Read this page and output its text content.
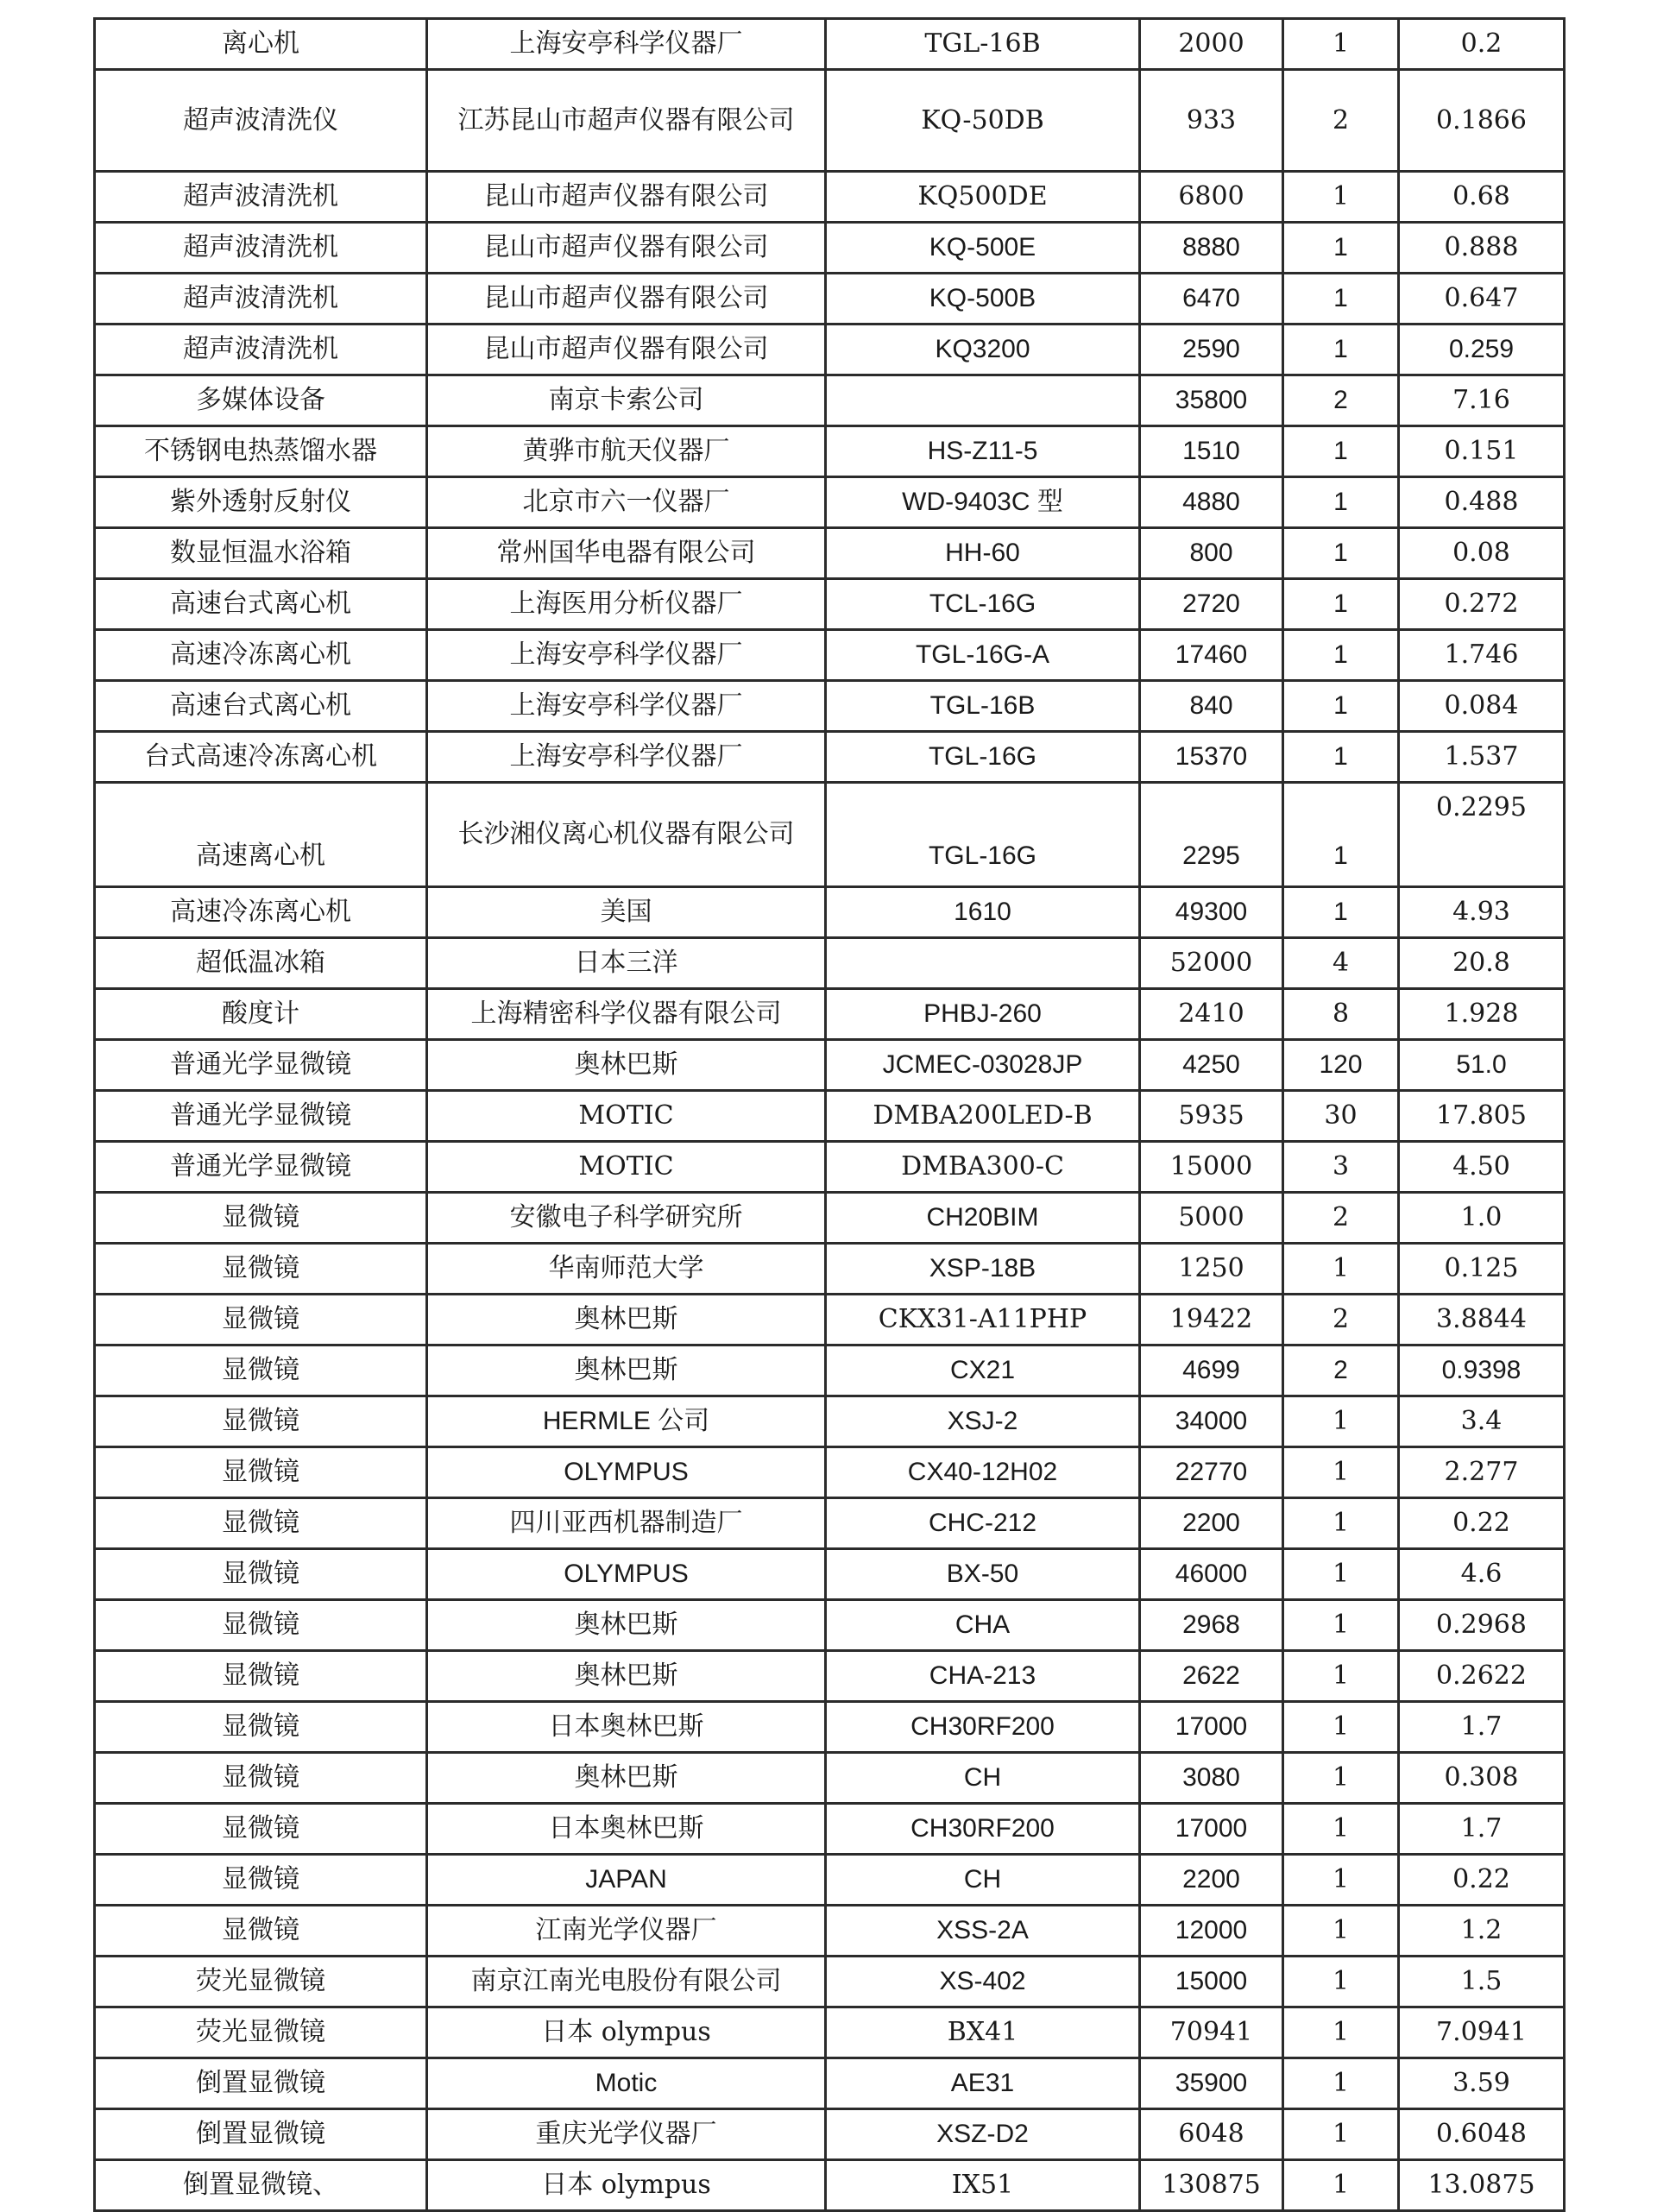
离心机	上海安亭科学仪器厂	TGL-16B	2000	1	0.2
超声波清洗仪	江苏昆山市超声仪器有限公司	KQ-50DB	933	2	0.1866
超声波清洗机	昆山市超声仪器有限公司	KQ500DE	6800	1	0.68
超声波清洗机	昆山市超声仪器有限公司	KQ-500E	8880	1	0.888
超声波清洗机	昆山市超声仪器有限公司	KQ-500B	6470	1	0.647
超声波清洗机	昆山市超声仪器有限公司	KQ3200	2590	1	0.259
多媒体设备	南京卡索公司		35800	2	7.16
不锈钢电热蒸馏水器	黄骅市航天仪器厂	HS-Z11-5	1510	1	0.151
紫外透射反射仪	北京市六一仪器厂	WD-9403C 型	4880	1	0.488
数显恒温水浴箱	常州国华电器有限公司	HH-60	800	1	0.08
高速台式离心机	上海医用分析仪器厂	TCL-16G	2720	1	0.272
高速冷冻离心机	上海安亭科学仪器厂	TGL-16G-A	17460	1	1.746
高速台式离心机	上海安亭科学仪器厂	TGL-16B	840	1	0.084
台式高速冷冻离心机	上海安亭科学仪器厂	TGL-16G	15370	1	1.537

高速离心机	长沙湘仪离心机仪器有限公司	TGL-16G	2295	1	0.2295

高速冷冻离心机	美国	1610	49300	1	4.93
超低温冰箱	日本三洋		52000	4	20.8
酸度计	上海精密科学仪器有限公司	PHBJ-260	2410	8	1.928
普通光学显微镜	奥林巴斯	JCMEC-03028JP	4250	120	51.0
普通光学显微镜	MOTIC	DMBA200LED-B	5935	30	17.805
普通光学显微镜	MOTIC	DMBA300-C	15000	3	4.50
显微镜	安徽电子科学研究所	CH20BIM	5000	2	1.0
显微镜	华南师范大学	XSP-18B	1250	1	0.125
显微镜	奥林巴斯	CKX31-A11PHP	19422	2	3.8844
显微镜	奥林巴斯	CX21	4699	2	0.9398
显微镜	HERMLE 公司	XSJ-2	34000	1	3.4
显微镜	OLYMPUS	CX40-12H02	22770	1	2.277
显微镜	四川亚西机器制造厂	CHC-212	2200	1	0.22
显微镜	OLYMPUS	BX-50	46000	1	4.6
显微镜	奥林巴斯	CHA	2968	1	0.2968
显微镜	奥林巴斯	CHA-213	2622	1	0.2622
显微镜	日本奥林巴斯	CH30RF200	17000	1	1.7
显微镜	奥林巴斯	CH	3080	1	0.308
显微镜	日本奥林巴斯	CH30RF200	17000	1	1.7
显微镜	JAPAN	CH	2200	1	0.22
显微镜	江南光学仪器厂	XSS-2A	12000	1	1.2
荧光显微镜	南京江南光电股份有限公司	XS-402	15000	1	1.5
荧光显微镜	日本 olympus	BX41	70941	1	7.0941
倒置显微镜	Motic	AE31	35900	1	3.59
倒置显微镜	重庆光学仪器厂	XSZ-D2	6048	1	0.6048
倒置显微镜、	日本 olympus	IX51	130875	1	13.0875
